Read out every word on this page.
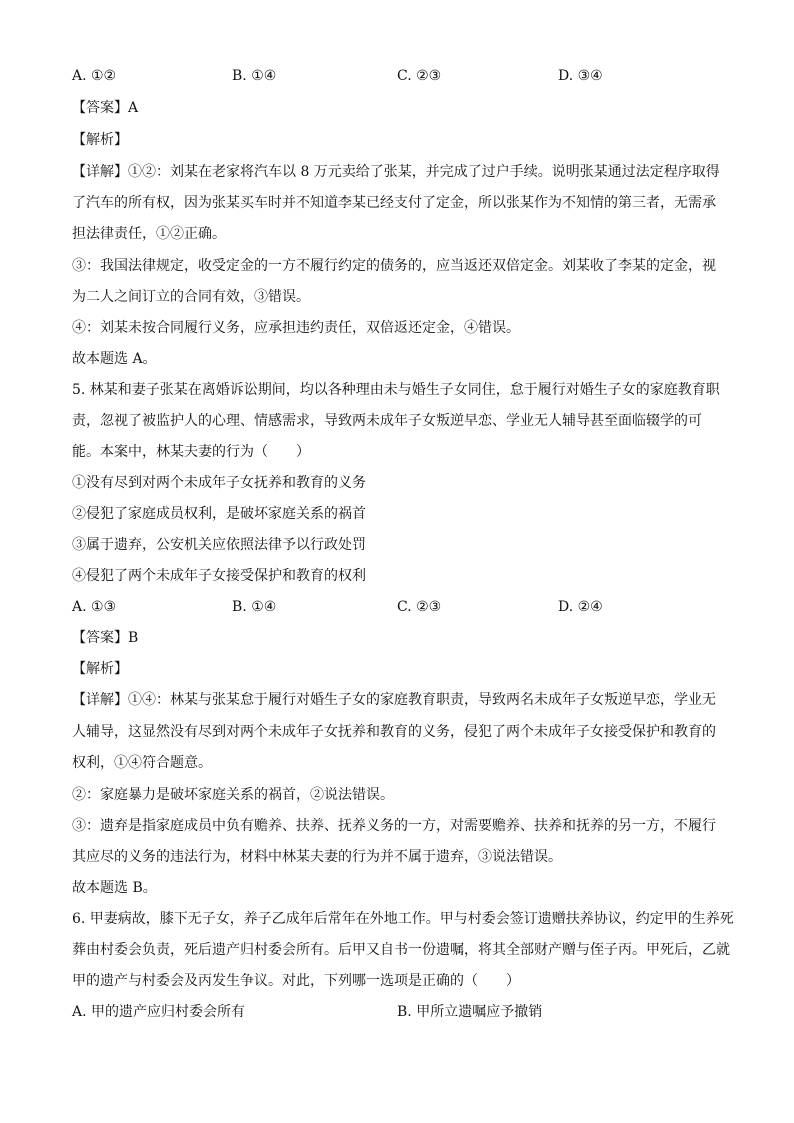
A. ①②	B. ①④	C. ②③	D. ③④
【答案】A
【解析】
【详解】①②：刘某在老家将汽车以 8 万元卖给了张某，并完成了过户手续。说明张某通过法定程序取得
了汽车的所有权，因为张某买车时并不知道李某已经支付了定金，所以张某作为不知情的第三者，无需承
担法律责任，①②正确。
③：我国法律规定，收受定金的一方不履行约定的债务的，应当返还双倍定金。刘某收了李某的定金，视
为二人之间订立的合同有效，③错误。
④：刘某未按合同履行义务，应承担违约责任，双倍返还定金，④错误。
故本题选 A。
5. 林某和妻子张某在离婚诉讼期间，均以各种理由未与婚生子女同住，怠于履行对婚生子女的家庭教育职
责，忽视了被监护人的心理、情感需求，导致两未成年子女叛逆早恋、学业无人辅导甚至面临辍学的可
能。本案中，林某夫妻的行为（　　）
①没有尽到对两个未成年子女抚养和教育的义务
②侵犯了家庭成员权利，是破坏家庭关系的祸首
③属于遗弃，公安机关应依照法律予以行政处罚
④侵犯了两个未成年子女接受保护和教育的权利
A. ①③	B. ①④	C. ②③	D. ②④
【答案】B
【解析】
【详解】①④：林某与张某怠于履行对婚生子女的家庭教育职责，导致两名未成年子女叛逆早恋，学业无
人辅导，这显然没有尽到对两个未成年子女抚养和教育的义务，侵犯了两个未成年子女接受保护和教育的
权利，①④符合题意。
②：家庭暴力是破坏家庭关系的祸首，②说法错误。
③：遗弃是指家庭成员中负有赡养、扶养、抚养义务的一方，对需要赡养、扶养和抚养的另一方，不履行
其应尽的义务的违法行为，材料中林某夫妻的行为并不属于遗弃，③说法错误。
故本题选 B。
6. 甲妻病故，膝下无子女，养子乙成年后常年在外地工作。甲与村委会签订遗赠扶养协议，约定甲的生养死
葬由村委会负责，死后遗产归村委会所有。后甲又自书一份遗嘱，将其全部财产赠与侄子丙。甲死后，乙就
甲的遗产与村委会及丙发生争议。对此，下列哪一选项是正确的（　　）
A. 甲的遗产应归村委会所有	B. 甲所立遗嘱应予撤销
